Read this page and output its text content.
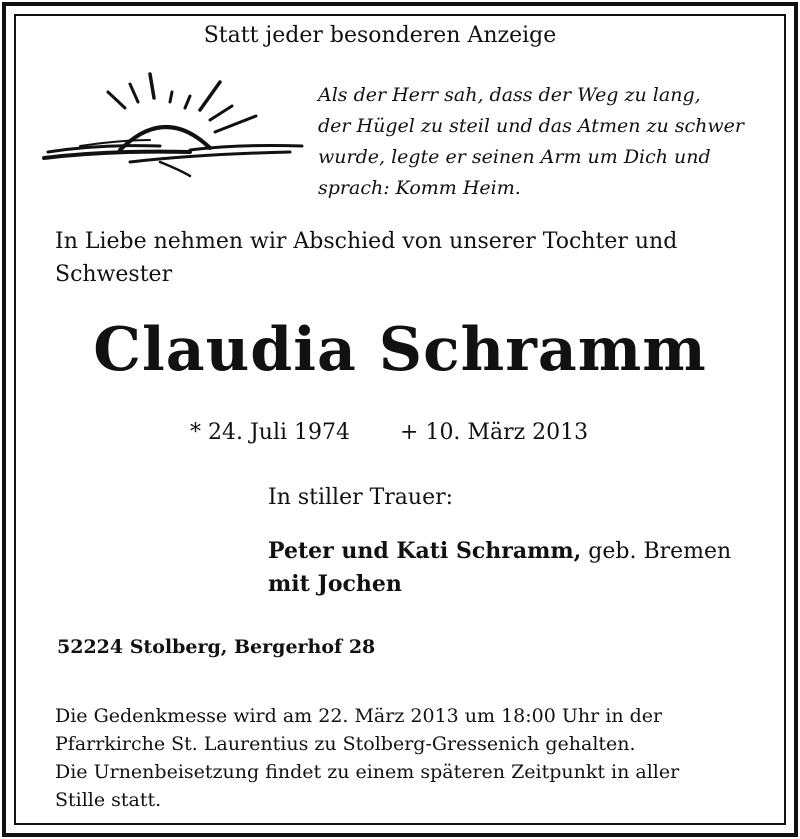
Statt jeder besonderen Anzeige
Als der Herr sah, dass der Weg zu lang,
der Hügel zu steil und das Atmen zu schwer
wurde, legte er seinen Arm um Dich und
sprach: Komm Heim.
In Liebe nehmen wir Abschied von unserer Tochter und
Schwester
Claudia Schramm
* 24. Juli 1974 + 10. März 2013
In stiller Trauer:
Peter und Kati Schramm, geb. Bremen
mit Jochen
52224 Stolberg, Bergerhof 28
Die Gedenkmesse wird am 22. März 2013 um 18:00 Uhr in der
Pfarrkirche St. Laurentius zu Stolberg-Gressenich gehalten.
Die Urnenbeisetzung findet zu einem späteren Zeitpunkt in aller
Stille statt.
